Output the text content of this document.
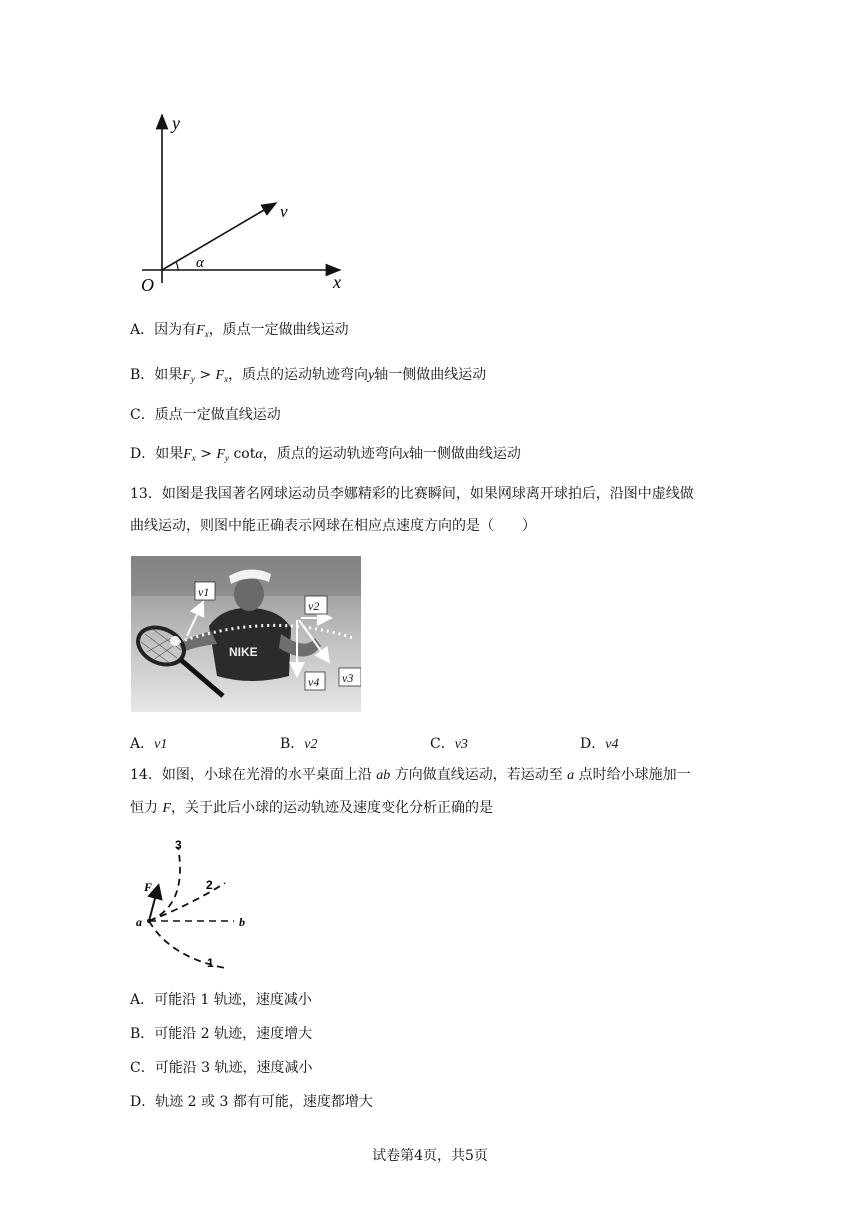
y
x
O
v
α
A．因为有$F_x$，质点一定做曲线运动
B．如果$F_y > F_x$，质点的运动轨迹弯向y轴一侧做曲线运动
C．质点一定做直线运动
D．如果$F_x > F_y$ cotα，质点的运动轨迹弯向x轴一侧做曲线运动
13．如图是我国著名网球运动员李娜精彩的比赛瞬间，如果网球离开球拍后，沿图中虚线做
曲线运动，则图中能正确表示网球在相应点速度方向的是（　　）
NIKE
v1
v2
v3
v4
A．v1	B．v2	C．v3	D．v4
14．如图，小球在光滑的水平桌面上沿 ab 方向做直线运动，若运动至 a 点时给小球施加一
恒力 F，关于此后小球的运动轨迹及速度变化分析正确的是
F
a	b
1
2
3
A．可能沿 1 轨迹，速度减小
B．可能沿 2 轨迹，速度增大
C．可能沿 3 轨迹，速度减小
D．轨迹 2 或 3 都有可能，速度都增大
试卷第4页，共5页
